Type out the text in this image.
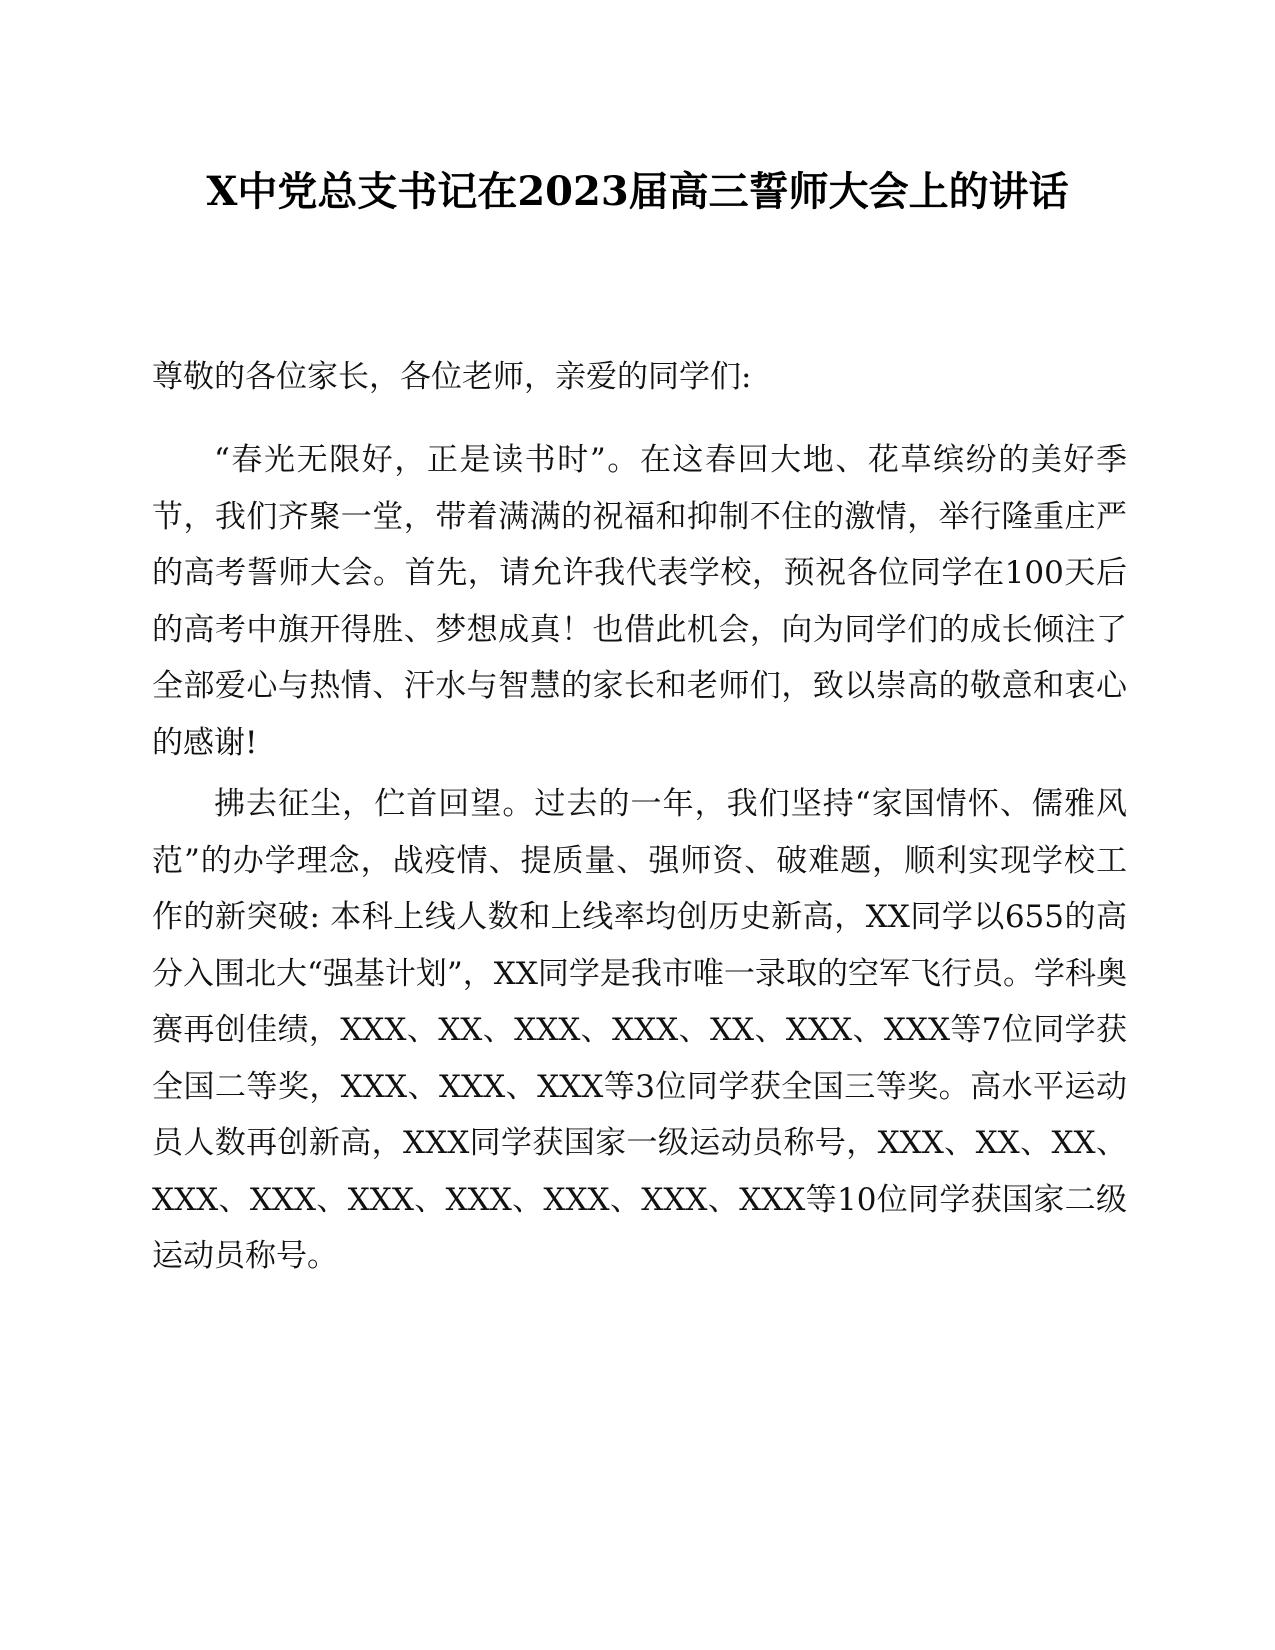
X中党总支书记在2023届高三誓师大会上的讲话

尊敬的各位家长，各位老师，亲爱的同学们:

“春光无限好，正是读书时”。在这春回大地、花草缤纷的美好季节，我们齐聚一堂，带着满满的祝福和抑制不住的激情，举行隆重庄严的高考誓师大会。首先，请允许我代表学校，预祝各位同学在100天后的高考中旗开得胜、梦想成真！也借此机会，向为同学们的成长倾注了全部爱心与热情、汗水与智慧的家长和老师们，致以崇高的敬意和衷心的感谢!

拂去征尘，伫首回望。过去的一年，我们坚持“家国情怀、儒雅风范”的办学理念，战疫情、提质量、强师资、破难题，顺利实现学校工作的新突破: 本科上线人数和上线率均创历史新高，XX同学以655的高分入围北大“强基计划”，XX同学是我市唯一录取的空军飞行员。学科奥赛再创佳绩，XXX、XX、XXX、XXX、XX、XXX、XXX等7位同学获全国二等奖，XXX、XXX、XXX等3位同学获全国三等奖。高水平运动员人数再创新高，XXX同学获国家一级运动员称号，XXX、XX、XX、XXX、XXX、XXX、XXX、XXX、XXX、XXX等10位同学获国家二级运动员称号。
